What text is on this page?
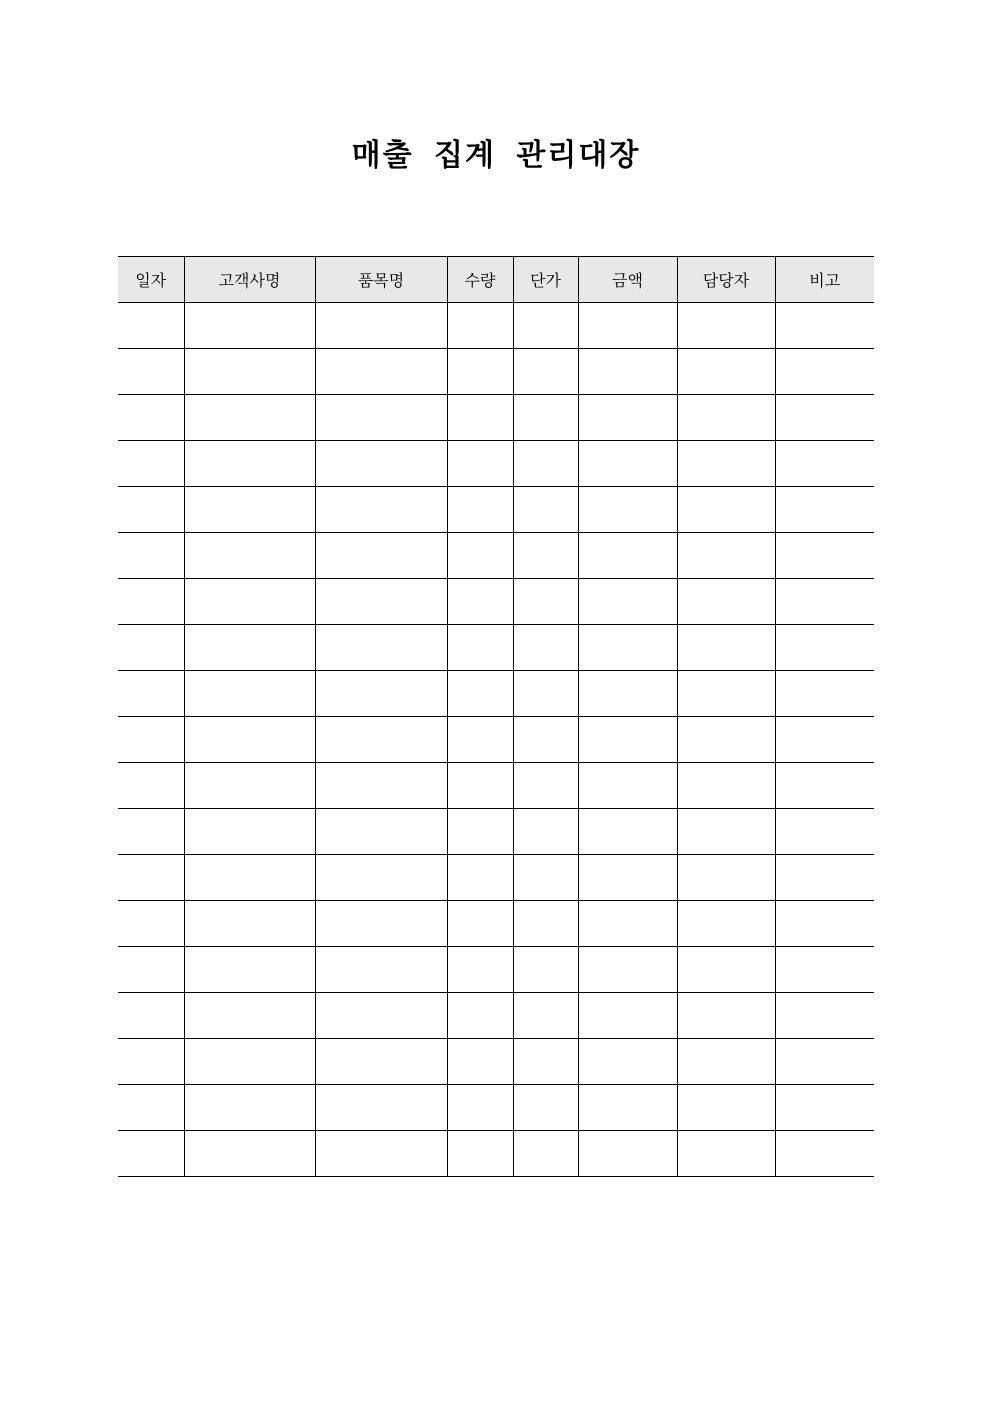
매출 집계 관리대장
일자	고객사명	품목명	수량	단가	금액	담당자	비고
